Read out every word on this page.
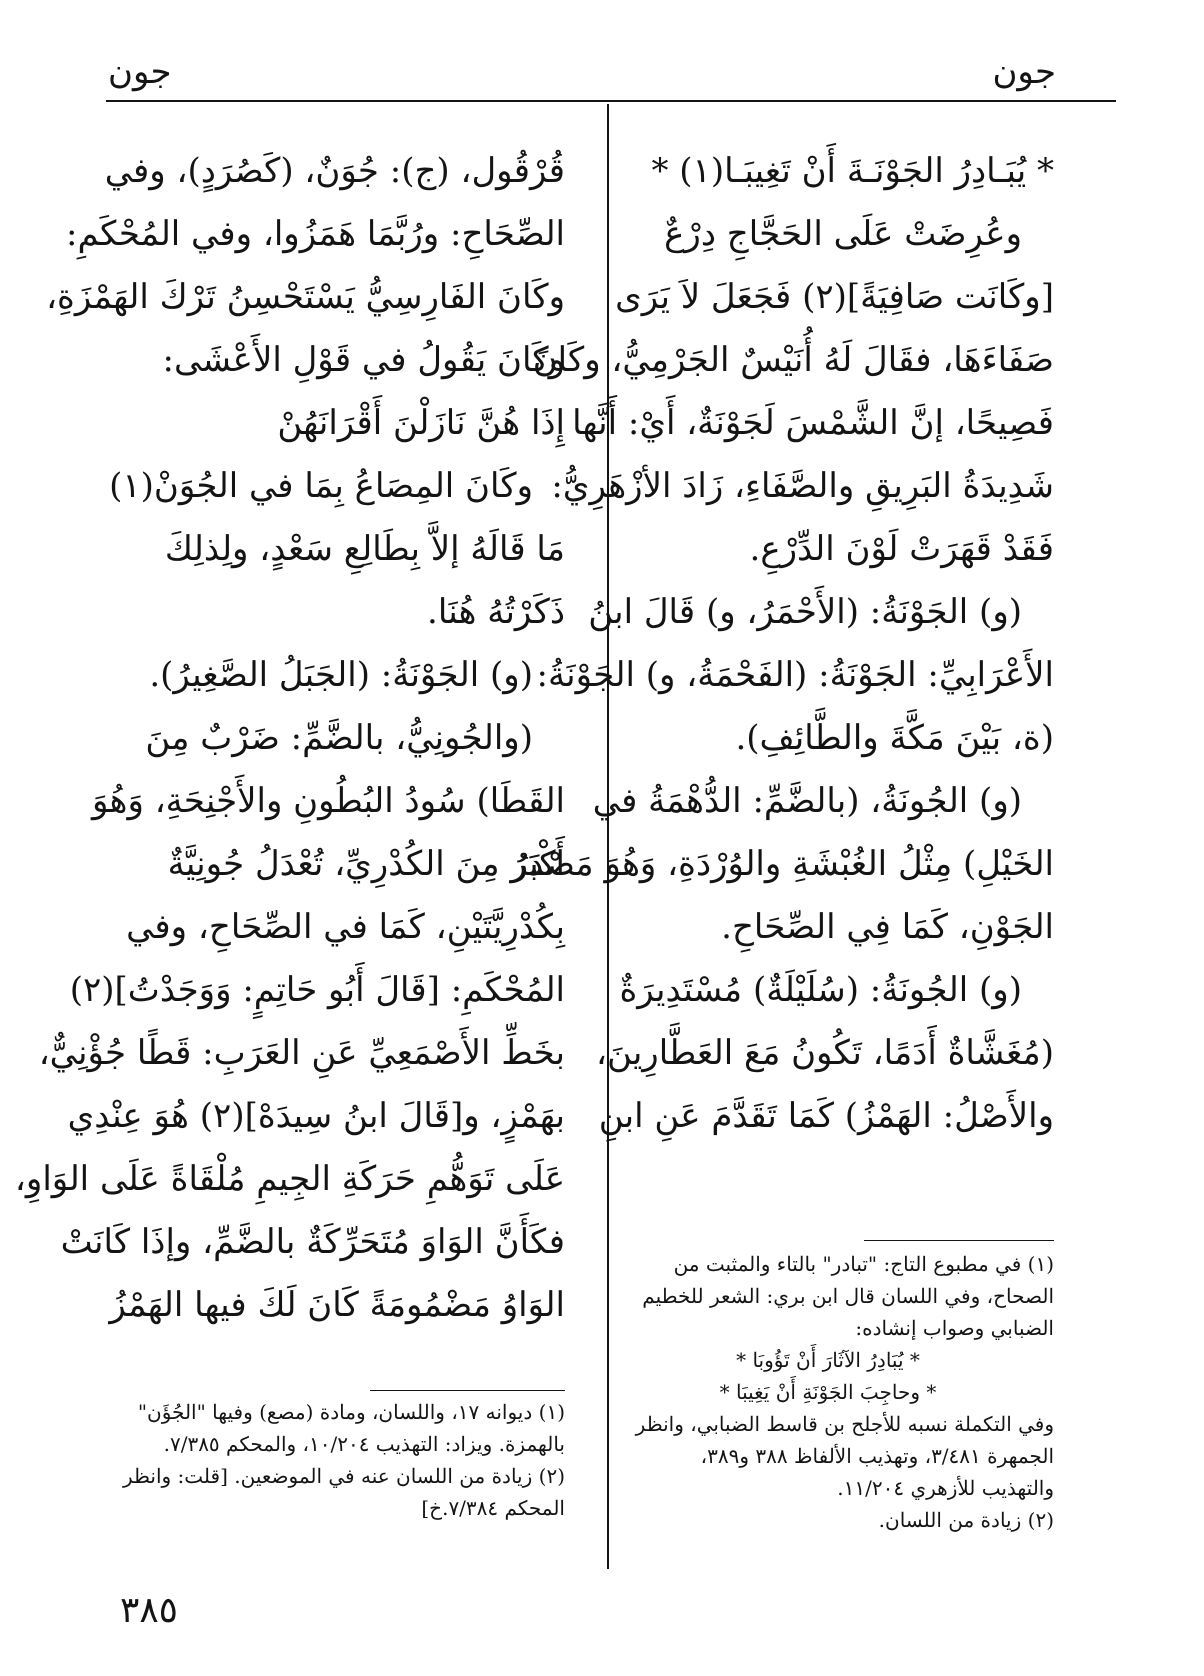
جون
جون
* يُبَـادِرُ الجَوْنَـةَ أَنْ تَغِيبَـا(١) *
وعُرِضَتْ عَلَى الحَجَّاجِ دِرْعٌ
[وكَانَت صَافِيَةً](٢) فَجَعَلَ لاَ يَرَى
صَفَاءَهَا، فقَالَ لَهُ أُنَيْسٌ الجَرْمِيُّ، وكَانَ
فَصِيحًا، إنَّ الشَّمْسَ لَجَوْنَةٌ، أَيْ: أَنَّها
شَدِيدَةُ البَرِيقِ والصَّفَاءِ، زَادَ الأزْهَرِيُّ:
فَقَدْ قَهَرَتْ لَوْنَ الدِّرْعِ.
(و) الجَوْنَةُ: (الأَحْمَرُ، و) قَالَ ابنُ
الأَعْرَابِيِّ: الجَوْنَةُ: (الفَحْمَةُ، و) الجَوْنَةُ:
(ة، بَيْنَ مَكَّةَ والطَّائِفِ).
(و) الجُونَةُ، (بالضَّمِّ: الدُّهْمَةُ في
الخَيْلِ) مِثْلُ الغُبْشَةِ والوُرْدَةِ، وَهُوَ مَصْدَرُ
الجَوْنِ، كَمَا فِي الصِّحَاحِ.
(و) الجُونَةُ: (سُلَيْلَةٌ) مُسْتَدِيرَةٌ
(مُغَشَّاةٌ أَدَمًا، تَكُونُ مَعَ العَطَّارِينَ،
والأَصْلُ: الهَمْزُ) كَمَا تَقَدَّمَ عَنِ ابنِ
قُرْقُول، (ج): جُوَنٌ، (كَصُرَدٍ)، وفي
الصِّحَاحِ: ورُبَّمَا هَمَزُوا، وفي المُحْكَمِ:
وكَانَ الفَارِسِيُّ يَسْتَحْسِنُ تَرْكَ الهَمْزَةِ،
وكَانَ يَقُولُ في قَوْلِ الأَعْشَى:
إِذَا هُنَّ نَازَلْنَ أَقْرَانَهُنْ
وكَانَ المِصَاعُ بِمَا في الجُوَنْ(١)
مَا قَالَهُ إلاَّ بِطَالِعِ سَعْدٍ، ولِذلِكَ
ذَكَرْتُهُ هُنَا.
(و) الجَوْنَةُ: (الجَبَلُ الصَّغِيرُ).
(والجُونِيُّ، بالضَّمِّ: ضَرْبٌ مِنَ
القَطَا) سُودُ البُطُونِ والأَجْنِحَةِ، وَهُوَ
أَكْبَرُ مِنَ الكُدْرِيِّ، تُعْدَلُ جُونِيَّةٌ
بِكُدْرِيَّتَيْنِ، كَمَا في الصِّحَاحِ، وفي
المُحْكَمِ: [قَالَ أَبُو حَاتِمٍ: وَوَجَدْتُ](٢)
بخَطِّ الأَصْمَعِيِّ عَنِ العَرَبِ: قَطًا جُؤْنِيٌّ،
بهَمْزٍ، و[قَالَ ابنُ سِيدَهْ](٢) هُوَ عِنْدِي
عَلَى تَوَهُّمِ حَرَكَةِ الجِيمِ مُلْقَاةً عَلَى الوَاوِ،
فكَأَنَّ الوَاوَ مُتَحَرِّكَةٌ بالضَّمِّ، وإذَا كَانَتْ
الوَاوُ مَضْمُومَةً كَانَ لَكَ فيها الهَمْزُ
(١) في مطبوع التاج: "تبادر" بالتاء والمثبت من
الصحاح، وفي اللسان قال ابن بري: الشعر للخطيم
الضبابي وصواب إنشاده:
* يُبَادِرُ الآثَارَ أَنْ تَؤُوبَا *
* وحاجِبَ الجَوْنَةِ أَنْ يَغِيبَا *
وفي التكملة نسبه للأجلح بن قاسط الضبابي، وانظر
الجمهرة ٣/٤٨١، وتهذيب الألفاظ ٣٨٨ و٣٨٩،
والتهذيب للأزهري ١١/٢٠٤.
(٢) زيادة من اللسان.
(١) ديوانه ١٧، واللسان، ومادة (مصع) وفيها "الجُؤَن"
بالهمزة. ويزاد: التهذيب ١٠/٢٠٤، والمحكم ٧/٣٨٥.
(٢) زيادة من اللسان عنه في الموضعين. [قلت: وانظر
المحكم ٧/٣٨٤.خ]
٣٨٥
